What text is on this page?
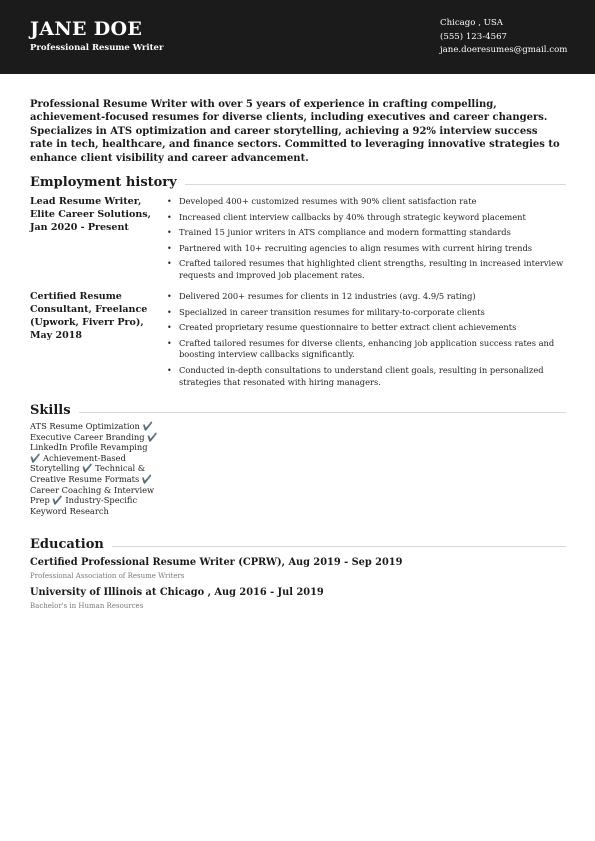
JANE DOE
Professional Resume Writer
Chicago , USA
(555) 123-4567
jane.doeresumes@gmail.com
Professional Resume Writer with over 5 years of experience in crafting compelling, achievement-focused resumes for diverse clients, including executives and career changers. Specializes in ATS optimization and career storytelling, achieving a 92% interview success rate in tech, healthcare, and finance sectors. Committed to leveraging innovative strategies to enhance client visibility and career advancement.
Employment history
Lead Resume Writer, Elite Career Solutions, Jan 2020 - Present
• Developed 400+ customized resumes with 90% client satisfaction rate
• Increased client interview callbacks by 40% through strategic keyword placement
• Trained 15 junior writers in ATS compliance and modern formatting standards
• Partnered with 10+ recruiting agencies to align resumes with current hiring trends
• Crafted tailored resumes that highlighted client strengths, resulting in increased interview requests and improved job placement rates.
Certified Resume Consultant, Freelance (Upwork, Fiverr Pro), May 2018
• Delivered 200+ resumes for clients in 12 industries (avg. 4.9/5 rating)
• Specialized in career transition resumes for military-to-corporate clients
• Created proprietary resume questionnaire to better extract client achievements
• Crafted tailored resumes for diverse clients, enhancing job application success rates and boosting interview callbacks significantly.
• Conducted in-depth consultations to understand client goals, resulting in personalized strategies that resonated with hiring managers.
Skills
ATS Resume Optimization ✔️ Executive Career Branding ✔️ LinkedIn Profile Revamping ✔️ Achievement-Based Storytelling ✔️ Technical & Creative Resume Formats ✔️ Career Coaching & Interview Prep ✔️ Industry-Specific Keyword Research
Education
Certified Professional Resume Writer (CPRW), Aug 2019 - Sep 2019
Professional Association of Resume Writers
University of Illinois at Chicago , Aug 2016 - Jul 2019
Bachelor's in Human Resources
